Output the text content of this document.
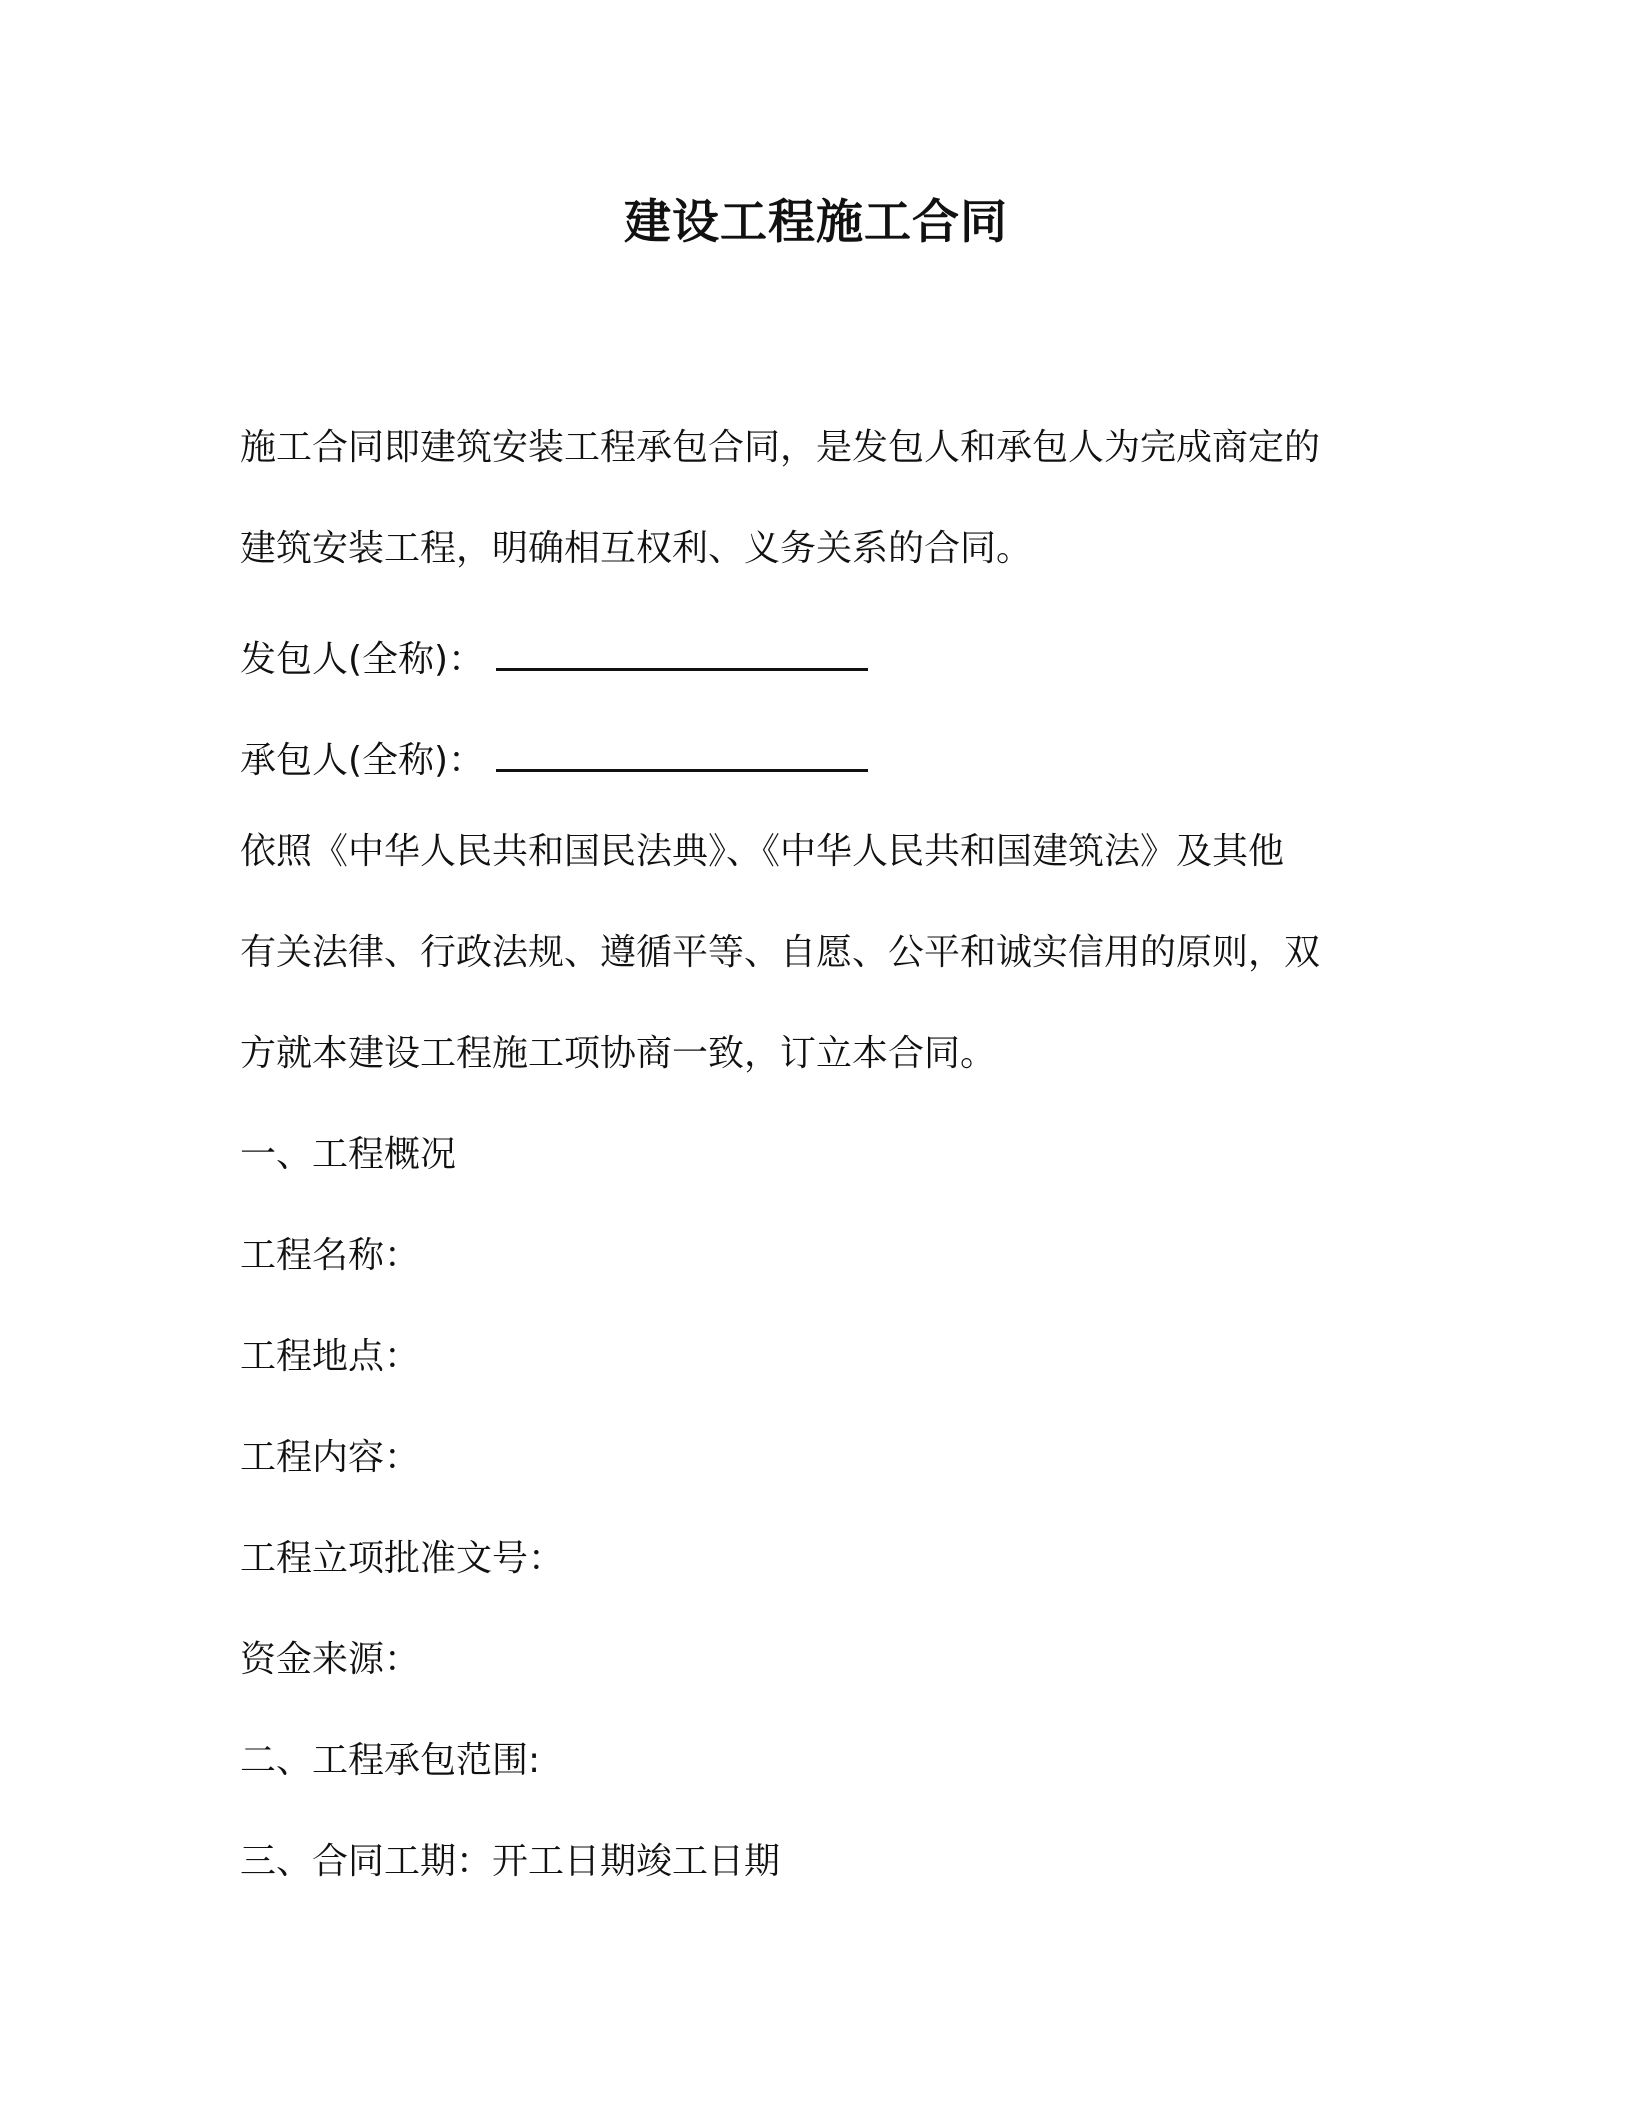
建设工程施工合同
施工合同即建筑安装工程承包合同，是发包人和承包人为完成商定的
建筑安装工程，明确相互权利、义务关系的合同。
发包人(全称)：
承包人(全称)：
依照《中华人民共和国民法典》、《中华人民共和国建筑法》及其他
有关法律、行政法规、遵循平等、自愿、公平和诚实信用的原则，双
方就本建设工程施工项协商一致，订立本合同。
一、工程概况
工程名称：
工程地点：
工程内容：
工程立项批准文号：
资金来源：
二、工程承包范围:
三、合同工期：开工日期竣工日期
